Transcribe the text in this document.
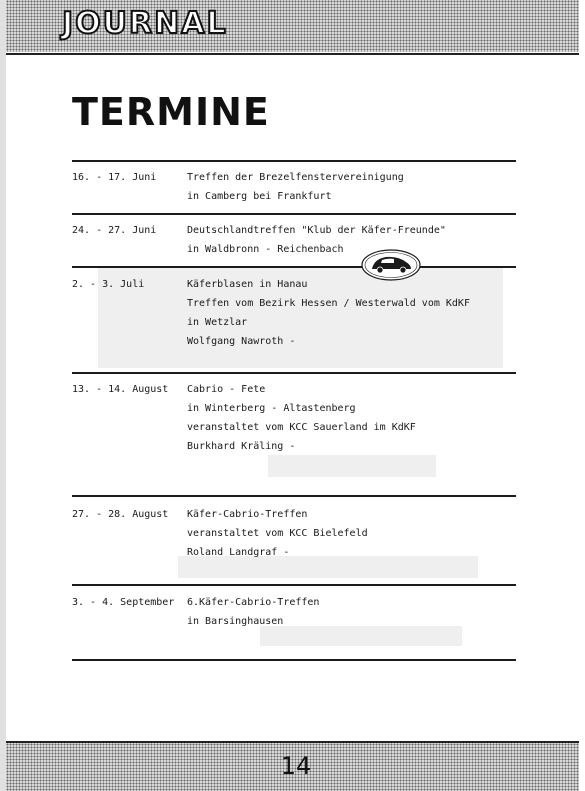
JOURNAL
TERMINE
16. - 17. Juni	Treffen der Brezelfenstervereinigung
in Camberg bei Frankfurt
24. - 27. Juni	Deutschlandtreffen "Klub der Käfer-Freunde"
in Waldbronn - Reichenbach
2. - 3. Juli	Käferblasen in Hanau
Treffen vom Bezirk Hessen / Westerwald vom KdKF
in Wetzlar
Wolfgang Nawroth -
13. - 14. August Cabrio - Fete
in Winterberg - Altastenberg
veranstaltet vom KCC Sauerland im KdKF
Burkhard Kräling -
27. - 28. August Käfer-Cabrio-Treffen
veranstaltet vom KCC Bielefeld
Roland Landgraf -
3. - 4. September 6.Käfer-Cabrio-Treffen
in Barsinghausen
14
